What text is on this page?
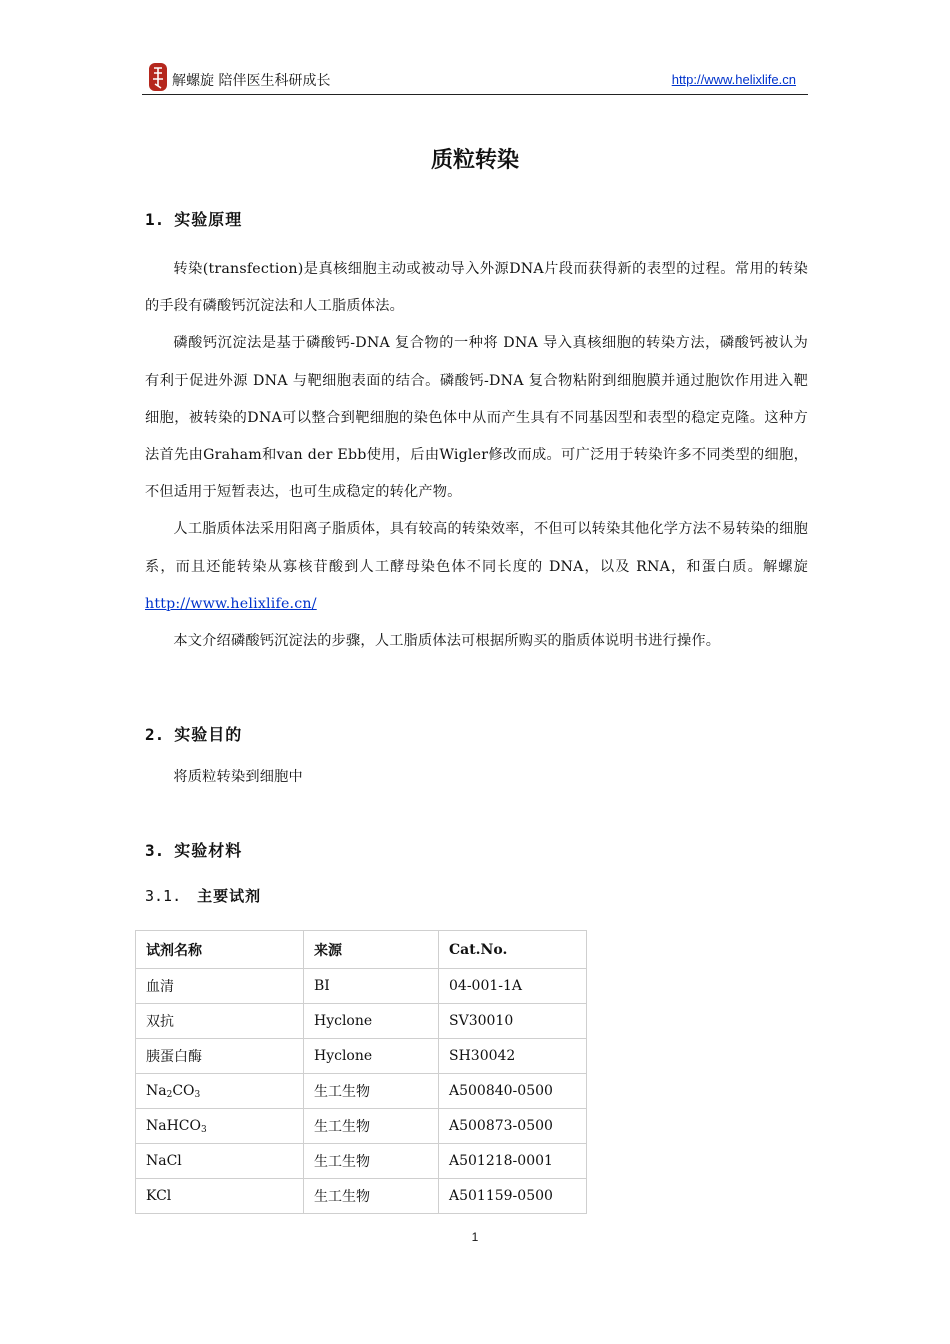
解螺旋 陪伴医生科研成长	http://www.helixlife.cn
质粒转染
1. 实验原理

转染(transfection)是真核细胞主动或被动导入外源DNA片段而获得新的表型的过程。常用的转染的手段有磷酸钙沉淀法和人工脂质体法。

磷酸钙沉淀法是基于磷酸钙-DNA 复合物的一种将 DNA 导入真核细胞的转染方法，磷酸钙被认为有利于促进外源 DNA 与靶细胞表面的结合。磷酸钙-DNA 复合物粘附到细胞膜并通过胞饮作用进入靶细胞，被转染的DNA可以整合到靶细胞的染色体中从而产生具有不同基因型和表型的稳定克隆。这种方法首先由Graham和van der Ebb使用，后由Wigler修改而成。可广泛用于转染许多不同类型的细胞，不但适用于短暂表达，也可生成稳定的转化产物。

人工脂质体法采用阳离子脂质体，具有较高的转染效率，不但可以转染其他化学方法不易转染的细胞系，而且还能转染从寡核苷酸到人工酵母染色体不同长度的 DNA，以及 RNA，和蛋白质。解螺旋 http://www.helixlife.cn/

本文介绍磷酸钙沉淀法的步骤，人工脂质体法可根据所购买的脂质体说明书进行操作。

2. 实验目的

将质粒转染到细胞中

3. 实验材料
3.1. 主要试剂
试剂名称	来源	Cat.No.
血清	BI	04-001-1A
双抗	Hyclone	SV30010
胰蛋白酶	Hyclone	SH30042
$Na_2CO_3$	生工生物	A500840-0500
NaHCO$_3$	生工生物	A500873-0500
NaCl	生工生物	A501218-0001
KCl	生工生物	A501159-0500
1
